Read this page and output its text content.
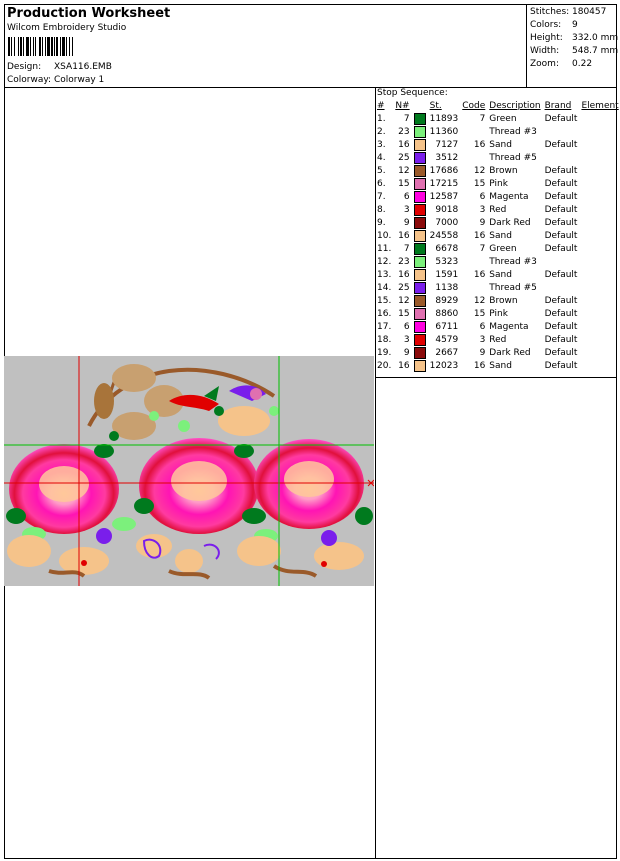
Production Worksheet
Wilcom Embroidery Studio
Design: XSA116.EMB
Colorway: Colorway 1
Stitches: 180457
Colors:	9
Height:	332.0 mm
Width:	548.7 mm
Zoom:	0.22
Stop Sequence:
#	N#		St.	Code	Description	Brand	Element
1.	7		11893	7	Green	Default	
2.	23		11360		Thread #3		
3.	16		7127	16	Sand	Default	
4.	25		3512		Thread #5		
5.	12		17686	12	Brown	Default	
6.	15		17215	15	Pink	Default	
7.	6		12587	6	Magenta	Default	
8.	3		9018	3	Red	Default	
9.	9		7000	9	Dark Red	Default	
10.	16		24558	16	Sand	Default	
11.	7		6678	7	Green	Default	
12.	23		5323		Thread #3		
13.	16		1591	16	Sand	Default	
14.	25		1138		Thread #5		
15.	12		8929	12	Brown	Default	
16.	15		8860	15	Pink	Default	
17.	6		6711	6	Magenta	Default	
18.	3		4579	3	Red	Default	
19.	9		2667	9	Dark Red	Default	
20.	16		12023	16	Sand	Default	
